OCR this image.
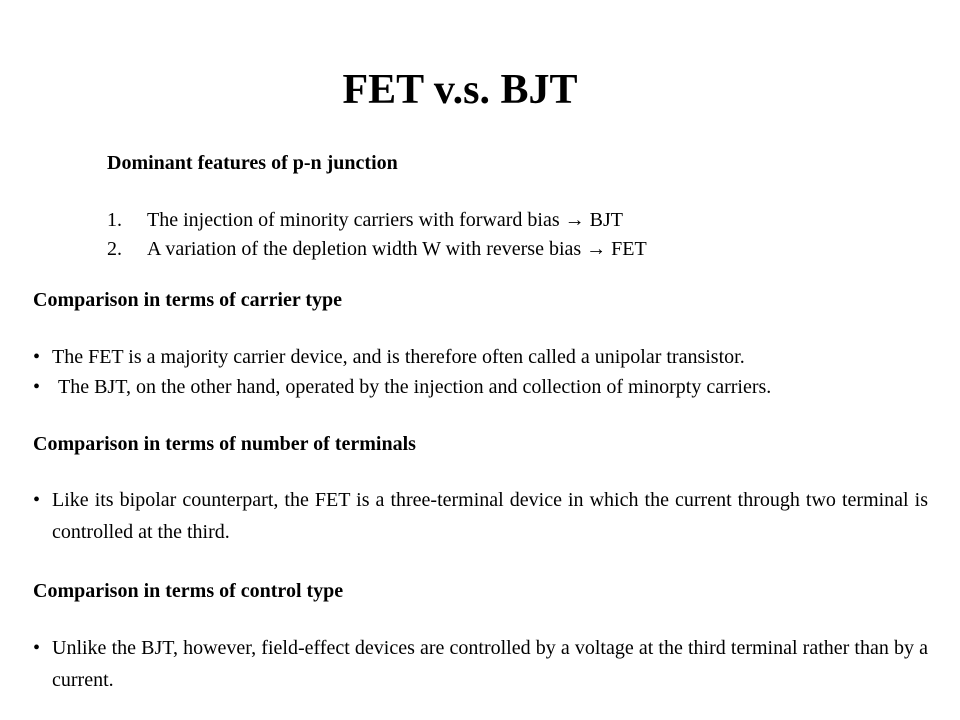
FET v.s. BJT
Dominant features of p-n junction
1. The injection of minority carriers with forward bias → BJT
2. A variation of the depletion width W with reverse bias → FET
Comparison in terms of carrier type
• The FET is a majority carrier device, and is therefore often called a unipolar transistor.
• The BJT, on the other hand, operated by the injection and collection of minorpty carriers.
Comparison in terms of number of terminals
• Like its bipolar counterpart, the FET is a three-terminal device in which the current through two terminal is controlled at the third.

Comparison in terms of control type
• Unlike the BJT, however, field-effect devices are controlled by a voltage at the third terminal rather than by a current.
